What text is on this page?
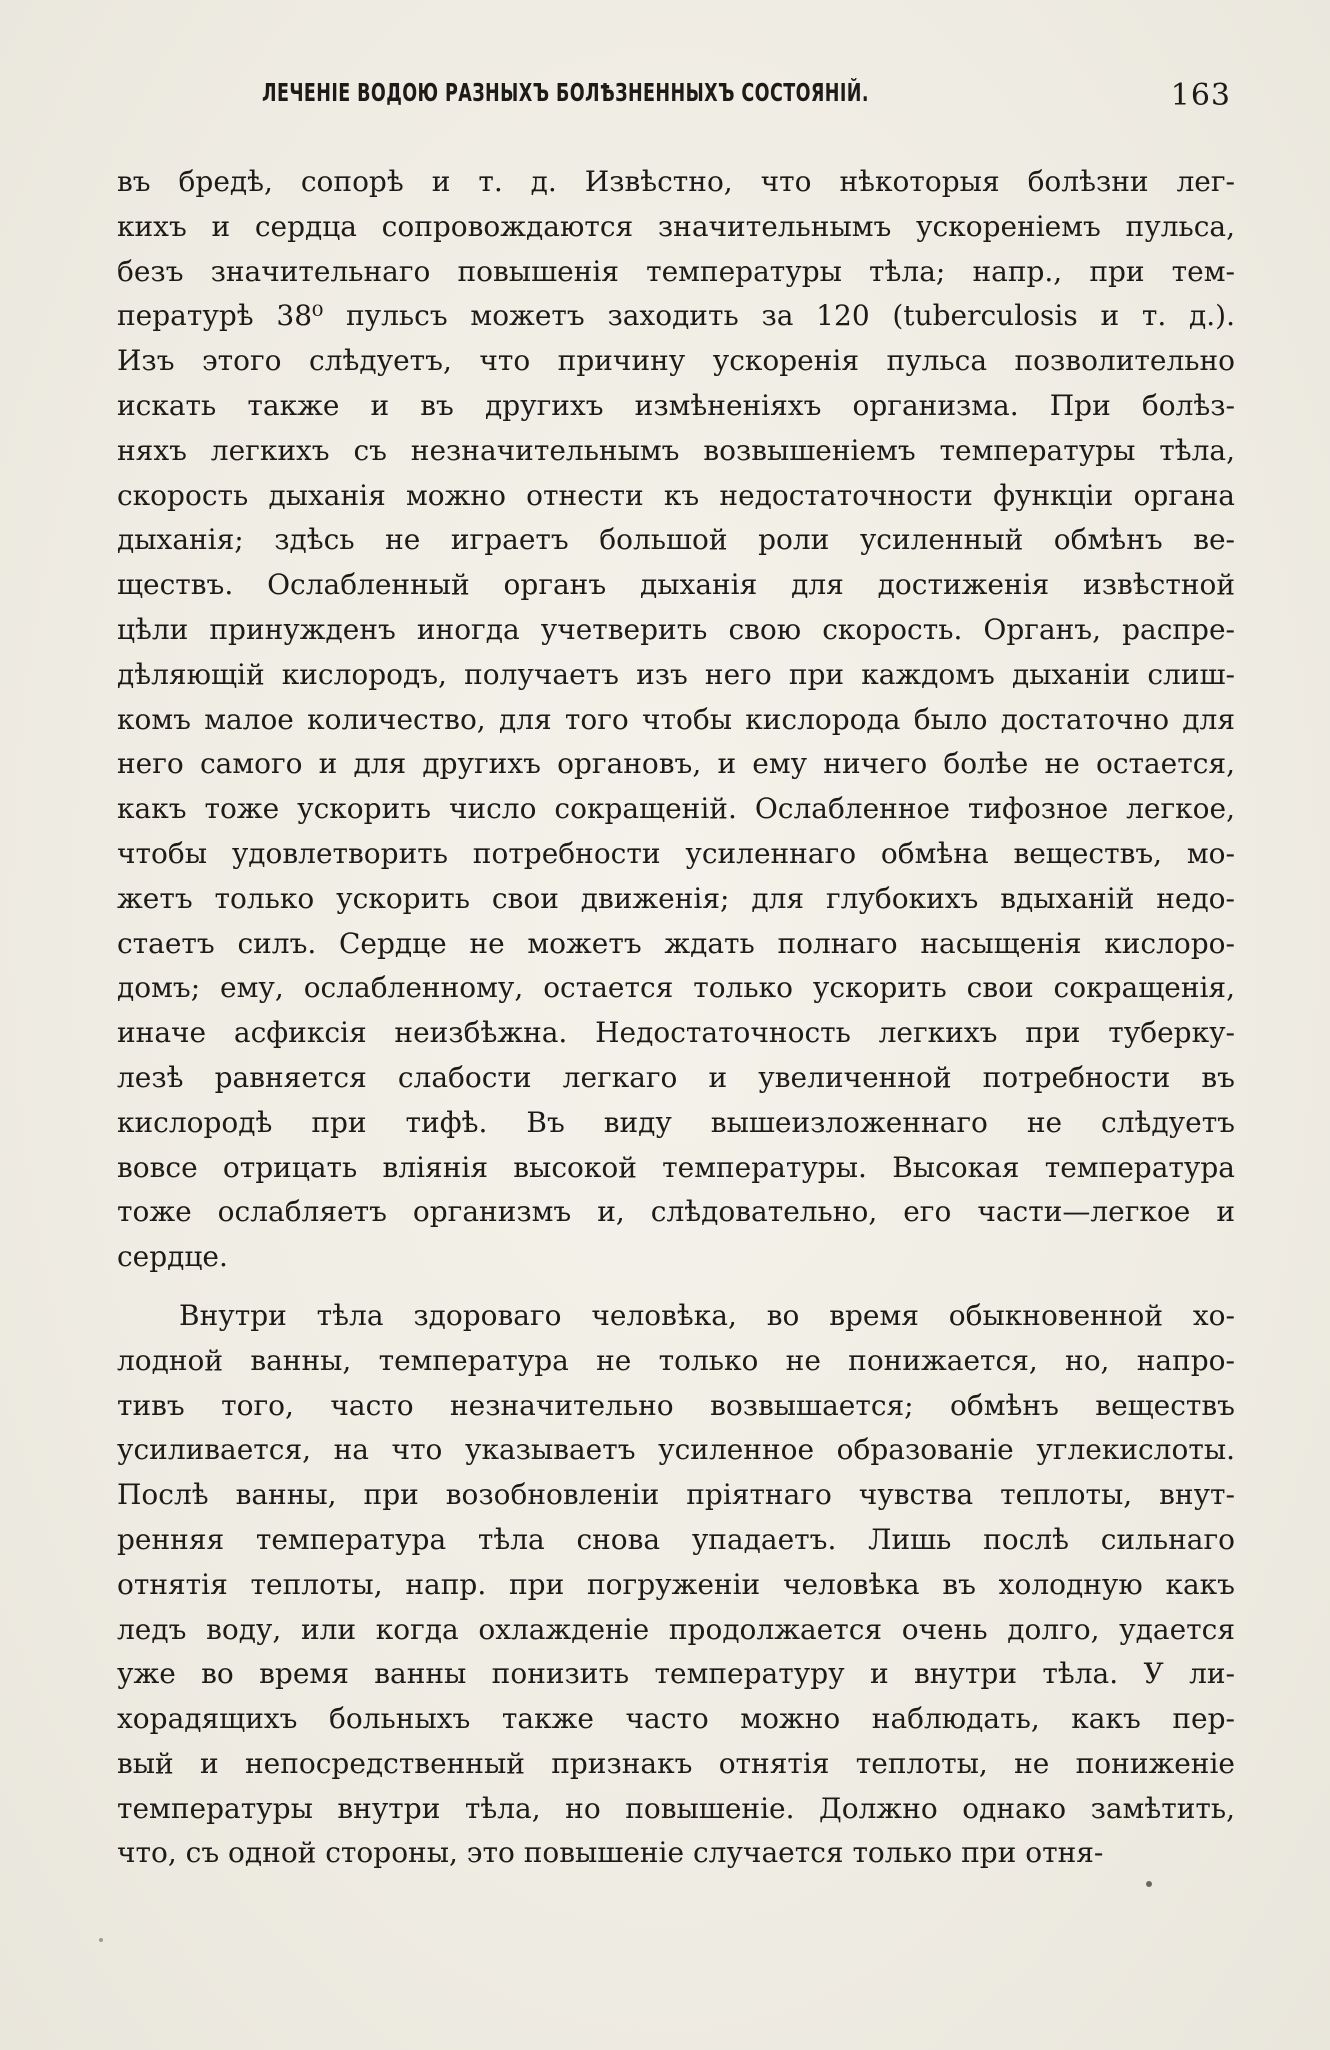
ЛЕЧЕНІЕ ВОДОЮ РАЗНЫХЪ БОЛѢЗНЕННЫХЪ СОСТОЯНІЙ.	163
въ бредѣ, сопорѣ и т. д. Извѣстно, что нѣкоторыя болѣзни лег-
кихъ и сердца сопровождаются значительнымъ ускореніемъ пульса,
безъ значительнаго повышенія температуры тѣла; напр., при тем-
пературѣ 38⁰ пульсъ можетъ заходить за 120 (tuberculosis и т. д.).
Изъ этого слѣдуетъ, что причину ускоренія пульса позволительно
искать также и въ другихъ измѣненіяхъ организма. При болѣз-
няхъ легкихъ съ незначительнымъ возвышеніемъ температуры тѣла,
скорость дыханія можно отнести къ недостаточности функціи органа
дыханія; здѣсь не играетъ большой роли усиленный обмѣнъ ве-
ществъ. Ослабленный органъ дыханія для достиженія извѣстной
цѣли принужденъ иногда учетверить свою скорость. Органъ, распре-
дѣляющій кислородъ, получаетъ изъ него при каждомъ дыханіи слиш-
комъ малое количество, для того чтобы кислорода было достаточно для
него самого и для другихъ органовъ, и ему ничего болѣе не остается,
какъ тоже ускорить число сокращеній. Ослабленное тифозное легкое,
чтобы удовлетворить потребности усиленнаго обмѣна веществъ, мо-
жетъ только ускорить свои движенія; для глубокихъ вдыханій недо-
стаетъ силъ. Сердце не можетъ ждать полнаго насыщенія кислоро-
домъ; ему, ослабленному, остается только ускорить свои сокращенія,
иначе асфиксія неизбѣжна. Недостаточность легкихъ при туберку-
лезѣ равняется слабости легкаго и увеличенной потребности въ
кислородѣ при тифѣ. Въ виду вышеизложеннаго не слѣдуетъ
вовсе отрицать вліянія высокой температуры. Высокая температура
тоже ослабляетъ организмъ и, слѣдовательно, его части—легкое и
сердце.
Внутри тѣла здороваго человѣка, во время обыкновенной хо-
лодной ванны, температура не только не понижается, но, напро-
тивъ того, часто незначительно возвышается; обмѣнъ веществъ
усиливается, на что указываетъ усиленное образованіе углекислоты.
Послѣ ванны, при возобновленіи пріятнаго чувства теплоты, внут-
ренняя температура тѣла снова упадаетъ. Лишь послѣ сильнаго
отнятія теплоты, напр. при погруженіи человѣка въ холодную какъ
ледъ воду, или когда охлажденіе продолжается очень долго, удается
уже во время ванны понизить температуру и внутри тѣла. У ли-
хорадящихъ больныхъ также часто можно наблюдать, какъ пер-
вый и непосредственный признакъ отнятія теплоты, не пониженіе
температуры внутри тѣла, но повышеніе. Должно однако замѣтить,
что, съ одной стороны, это повышеніе случается только при отня-
